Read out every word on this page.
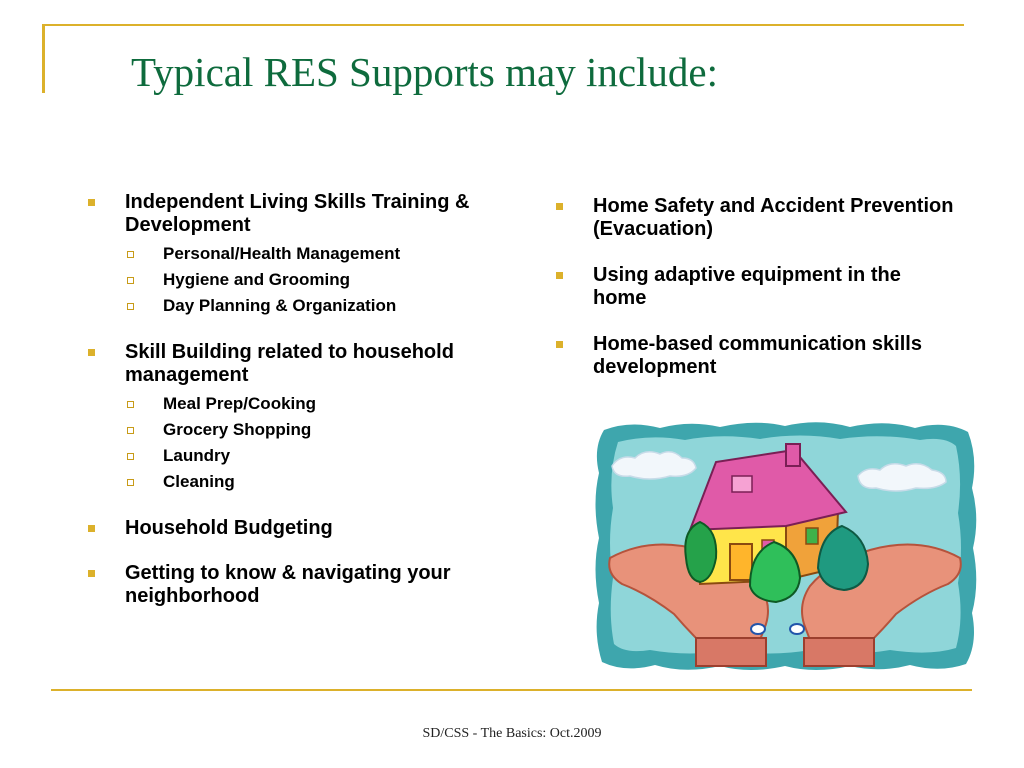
Typical RES Supports may include:
Independent Living Skills Training & Development
Personal/Health Management
Hygiene and Grooming
Day Planning & Organization
Skill Building related to household management
Meal Prep/Cooking
Grocery Shopping
Laundry
Cleaning
Household Budgeting
Getting to know & navigating your neighborhood
Home Safety and Accident Prevention (Evacuation)
Using adaptive equipment in the home
Home-based communication skills development
SD/CSS - The Basics: Oct.2009
